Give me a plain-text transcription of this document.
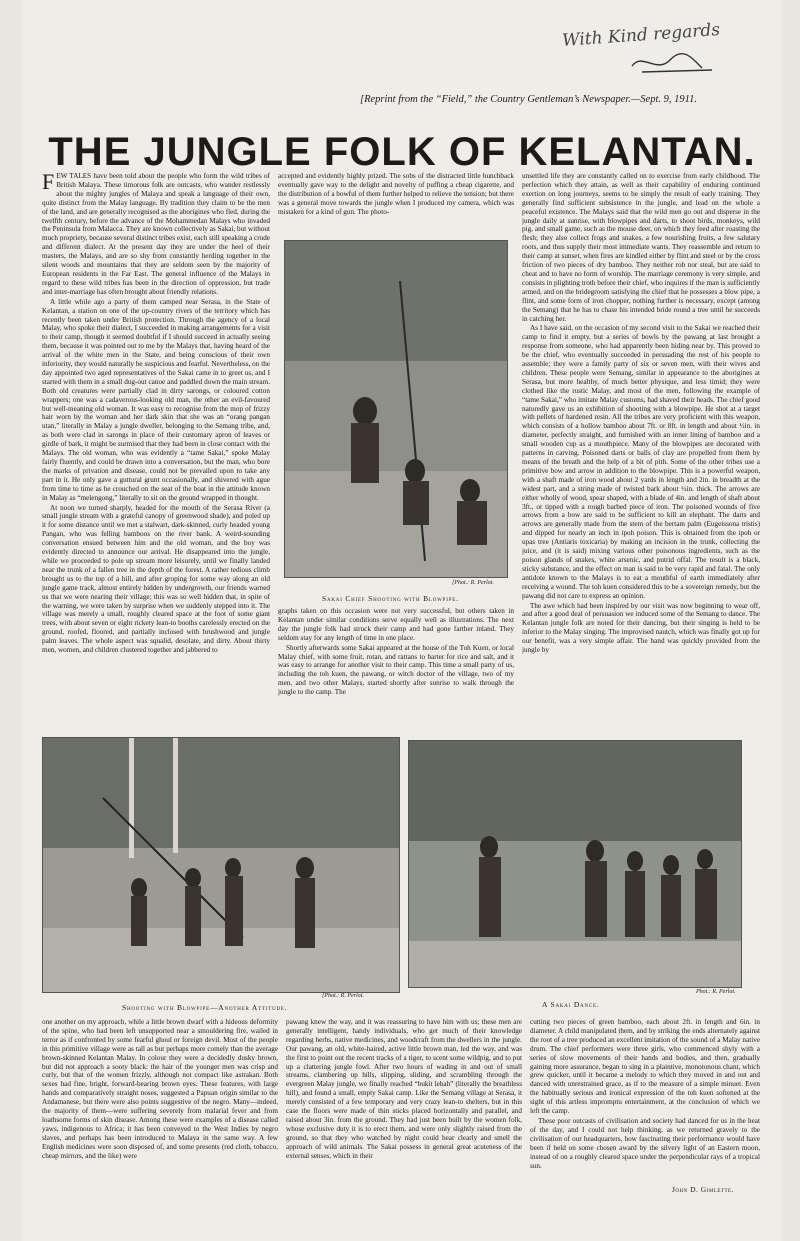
With Kind regards
[Reprint from the “Field,” the Country Gentleman’s Newspaper.—Sept. 9, 1911.
THE JUNGLE FOLK OF KELANTAN.

FEW TALES have been told about the people who form the wild tribes of British Malaya. These timorous folk are outcasts, who wander restlessly about the mighty jungles of Malaya and speak a language of their own, quite distinct from the Malay language. By tradition they claim to be the men of the land, and are generally recognised as the aborigines who fled, during the twelfth century, before the advance of the Mohammedan Malays who invaded the Peninsula from Malacca. They are known collectively as Sakai, but without much propriety, because several distinct tribes exist, each still speaking a crude and different dialect. At the present day they are under the heel of their masters, the Malays, and are so shy from constantly herding together in the silent woods and mountains that they are seldom seen by the majority of European residents in the Far East. The general influence of the Malays in regard to these wild tribes has been in the direction of oppression, but trade and inter-marriage has often brought about friendly relations.

A little while ago a party of them camped near Serasa, in the State of Kelantan, a station on one of the up-country rivers of the territory which has recently been taken under British protection. Through the agency of a local Malay, who spoke their dialect, I succeeded in making arrangements for a visit to their camp, though it seemed doubtful if I should succeed in actually seeing them, because it was pointed out to me by the Malays that, having heard of the arrival of the white men in the State, and being conscious of their own inferiority, they would naturally be suspicious and fearful. Nevertheless, on the day appointed two aged representatives of the Sakai came in to greet us, and I started with them in a small dug-out canoe and paddled down the main stream. Both old creatures were partially clad in dirty sarongs, or coloured cotton wrappers; one was a cadaverous-looking old man, the other an evil-favoured but well-meaning old woman. It was easy to recognise from the mop of frizzy hair worn by the woman and her dark skin that she was an “orang pangan utan,” literally in Malay a jungle dweller, belonging to the Semang tribe, and, as both were clad in sarongs in place of their customary apron of leaves or girdle of bark, it might be surmised that they had been in close contact with the Malays. The old woman, who was evidently a “tame Sakai,” spoke Malay fairly fluently, and could be drawn into a conversation, but the man, who bore the marks of privation and disease, could not be prevailed upon to take any part in it. He only gave a guttural grunt occasionally, and shivered with ague from time to time as he crouched on the seat of the boat in the attitude known in Malay as “melengong,” literally to sit on the ground wrapped in thought.

At noon we turned sharply, headed for the mouth of the Serasa River (a small jungle stream with a grateful canopy of greenwood shade), and poled up it for some distance until we met a stalwart, dark-skinned, curly headed young Pangan, who was felling bamboos on the river bank. A weird-sounding conversation ensued between him and the old woman, and the boy was evidently directed to announce our arrival. He disappeared into the jungle, while we proceeded to pole up stream more leisurely, until we finally landed near the trunk of a fallen tree in the depth of the forest. A rather tedious climb brought us to the top of a hill, and after groping for some way along an old jungle game track, almost entirely hidden by undergrowth, our friends warned us that we were nearing their village; this was so well hidden that, in spite of the warning, we were taken by surprise when we suddenly stepped into it. The village was merely a small, roughly cleared space at the foot of some giant trees, with about seven or eight rickety lean-to booths carelessly erected on the ground, roofed, floored, and partially inclosed with brushwood and jungle palm leaves. The whole aspect was squalid, desolate, and dirty. About thirty men, women, and children clustered together and jabbered to

accepted and evidently highly prized. The sobs of the distracted little hunchback eventually gave way to the delight and novelty of puffing a cheap cigarette, and the distribution of a bowful of them further helped to relieve the tension; but there was a general move towards the jungle when I produced my camera, which was mistaken for a kind of gun. The photo-

[Phot.: R. Perlot.
Sakai Chief Shooting with Blowpipe.

graphs taken on this occasion were not very successful, but others taken in Kelantan under similar conditions serve equally well as illustrations. The next day the jungle folk had struck their camp and had gone farther inland. They seldom stay for any length of time in one place.

Shortly afterwards some Sakai appeared at the house of the Toh Kuen, or local Malay chief, with some fruit, rotan, and rattans to barter for rice and salt, and it was easy to arrange for another visit to their camp. This time a small party of us, including the toh kuen, the pawang, or witch doctor of the village, two of my men, and two other Malays, started shortly after sunrise to walk through the jungle to the camp. The

unsettled life they are constantly called on to exercise from early childhood. The perfection which they attain, as well as their capability of enduring continued exertion on long journeys, seems to be simply the result of early training. They generally find sufficient subsistence in the jungle, and lead on the whole a peaceful existence. The Malays said that the wild men go out and disperse in the jungle daily at sunrise, with blowpipes and darts, to shoot birds, monkeys, wild pig, and small game, such as the mouse deer, on which they feed after roasting the flesh; they also collect frogs and snakes, a few nourishing fruits, a few salutary roots, and thus supply their most immediate wants. They reassemble and return to their camp at sunset, when fires are kindled either by flint and steel or by the cross friction of two pieces of dry bamboo. They neither rob nor steal, but are said to cheat and to have no form of worship. The marriage ceremony is very simple, and consists in plighting troth before their chief, who inquires if the man is sufficiently armed, and on the bridegroom satisfying the chief that he possesses a blow pipe, a flint, and some form of iron chopper, nothing further is necessary, except (among the Semang) that he has to chase his intended bride round a tree until he succeeds in catching her.

As I have said, on the occasion of my second visit to the Sakai we reached their camp to find it empty, but a series of bowls by the pawang at last brought a response from someone, who had apparently been hiding near by. This proved to be the chief, who eventually succeeded in persuading the rest of his people to assemble; they were a family party of six or seven men, with their wives and children. These people were Semang, similar in appearance to the aborigines at Serasa, but more healthy, of much better physique, and less timid; they were clothed like the rustic Malay, and most of the men, following the example of “tame Sakai,” who imitate Malay customs, had shaved their heads. The chief good naturedly gave us an exhibition of shooting with a blowpipe. He shot at a target with pellets of hardened resin. All the tribes are very proficient with this weapon, which consists of a hollow bamboo about 7ft. or 8ft. in length and about ½in. in diameter, perfectly straight, and furnished with an inner lining of bamboo and a small wooden cup as a mouthpiece. Many of the blowpipes are decorated with patterns in carving. Poisoned darts or balls of clay are propelled from them by means of the breath and the help of a bit of pith. Some of the other tribes use a primitive bow and arrow in addition to the blowpipe. This is a powerful weapon, with a shaft made of iron wood about 2 yards in length and 2in. in breadth at the widest part, and a string made of twisted bark about ½in. thick. The arrows are either wholly of wood, spear shaped, with a blade of 4in. and length of shaft about 3ft., or tipped with a rough barbed piece of iron. The poisoned wounds of five arrows from a bow are said to be sufficient to kill an elephant. The darts and arrows are generally made from the stem of the bertam palm (Eugeissona tristis) and dipped for nearly an inch in ipoh poison. This is obtained from the ipoh or upas tree (Antiaris toxicaria) by making an incision in the trunk, collecting the juice, and (it is said) mixing various other poisonous ingredients, such as the poison glands of snakes, white arsenic, and putrid offal. The result is a black, sticky substance, and the effect on man is said to be very rapid and fatal. The only antidote known to the Malays is to eat a mouthful of earth immediately after receiving a wound. The toh kuen considered this to be a sovereign remedy, but the pawang did not care to express an opinion.

The awe which had been inspired by our visit was now beginning to wear off, and after a good deal of persuasion we induced some of the Semang to dance. The Kelantan jungle folk are noted for their dancing, but their singing is held to be inferior to the Malay singing. The improvised nautch, which was finally got up for our benefit, was a very simple affair. The band was quickly provided from the jungle by

[Phot.: R. Perlot.
Shooting with Blowpipe—Another Attitude.
Phot.: R. Perlot.
A Sakai Dance.

one another on my approach, while a little brown dwarf with a hideous deformity of the spine, who had been left unsupported near a smouldering fire, wailed in terror as if confronted by some fearful ghoul or foreign devil. Most of the people in this primitive village were as tall as but perhaps more comely than the average brown-skinned Kelantan Malay. In colour they were a decidedly dusky brown, but did not approach a sooty black: the hair of the younger men was crisp and curly, but that of the women frizzly, although not compact like astrakan. Both sexes had fine, bright, forward-bearing brown eyes. These features, with large hands and comparatively straight noses, suggested a Papuan origin similar to the Andamanese, but there were also points suggestive of the negro. Many—indeed, the majority of them—were suffering severely from malarial fever and from loathsome forms of skin disease. Among these were examples of a disease called yaws, indigenous to Africa; it has been conveyed to the West Indies by negro slaves, and perhaps has been introduced to Malaya in the same way. A few English medicines were soon disposed of, and some presents (red cloth, tobacco, cheap mirrors, and the like) were

pawang knew the way, and it was reassuring to have him with us; these men are generally intelligent, handy individuals, who get much of their knowledge regarding herbs, native medicines, and woodcraft from the dwellers in the jungle. Our pawang, an old, white-haired, active little brown man, led the way, and was the first to point out the recent tracks of a tiger, to scent some wildpig, and to put up a clattering jungle fowl. After two hours of wading in and out of small streams, clambering up hills, slipping, sliding, and scrambling through the evergreen Malay jungle, we finally reached “bukit lebah” (literally the breathless hill), and found a small, empty Sakai camp. Like the Semang village at Serasa, it merely consisted of a few temporary and very crazy lean-to shelters, but in this case the floors were made of thin sticks placed horizontally and parallel, and raised about 3in. from the ground. They had just been built by the women folk, whose exclusive duty it is to erect them, and were only slightly raised from the ground, so that they who watched by night could hear clearly and smell the approach of wild animals. The Sakai possess in general great acuteness of the external senses, which in their

cutting two pieces of green bamboo, each about 2ft. in length and 6in. in diameter. A child manipulated them, and by striking the ends alternately against the root of a tree produced an excellent imitation of the sound of a Malay native drum. The chief performers were three girls, who commenced shyly with a series of slow movements of their hands and bodies, and then, gradually gaining more assurance, began to sing in a plaintive, monotonous chant, which grew quicker, until it became a melody to which they moved in and out and danced with unrestrained grace, as if to the measure of a simple minuet. Even the habitually serious and ironical expression of the toh kuen softened at the sight of this artless impromptu entertainment, at the conclusion of which we left the camp.

These poor outcasts of civilisation and society had danced for us in the heat of the day, and I could not help thinking, as we returned gravely to the civilisation of our headquarters, how fascinating their performance would have been if held on some chosen award by the silvery light of an Eastern moon, instead of on a roughly cleared space under the perpendicular rays of a tropical sun.

John D. Gimlette.
